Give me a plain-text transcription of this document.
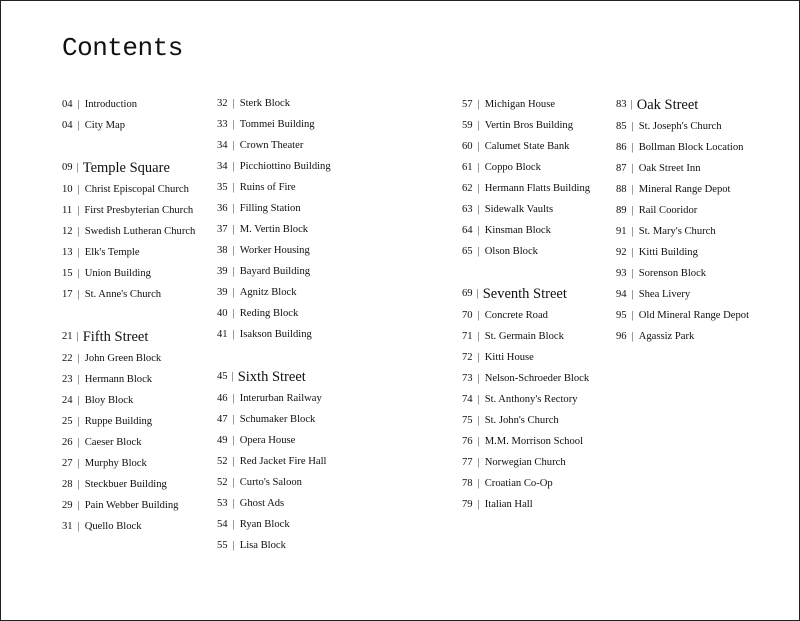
Contents
04 | Introduction
04 | City Map
09 | Temple Square
10 | Christ Episcopal Church
11 | First Presbyterian Church
12 | Swedish Lutheran Church
13 | Elk's Temple
15 | Union Building
17 | St. Anne's Church
21 | Fifth Street
22 | John Green Block
23 | Hermann Block
24 | Bloy Block
25 | Ruppe Building
26 | Caeser Block
27 | Murphy Block
28 | Steckbuer Building
29 | Pain Webber Building
31 | Quello Block
32 | Sterk Block
33 | Tommei Building
34 | Crown Theater
34 | Picchiottino Building
35 | Ruins of Fire
36 | Filling Station
37 | M. Vertin Block
38 | Worker Housing
39 | Bayard Building
39 | Agnitz Block
40 | Reding Block
41 | Isakson Building
45 | Sixth Street
46 | Interurban Railway
47 | Schumaker Block
49 | Opera House
52 | Red Jacket Fire Hall
52 | Curto's Saloon
53 | Ghost Ads
54 | Ryan Block
55 | Lisa Block
57 | Michigan House
59 | Vertin Bros Building
60 | Calumet State Bank
61 | Coppo Block
62 | Hermann Flatts Building
63 | Sidewalk Vaults
64 | Kinsman Block
65 | Olson Block
69 | Seventh Street
70 | Concrete Road
71 | St. Germain Block
72 | Kitti House
73 | Nelson-Schroeder Block
74 | St. Anthony's Rectory
75 | St. John's Church
76 | M.M. Morrison School
77 | Norwegian Church
78 | Croatian Co-Op
79 | Italian Hall
83 | Oak Street
85 | St. Joseph's Church
86 | Bollman Block Location
87 | Oak Street Inn
88 | Mineral Range Depot
89 | Rail Cooridor
91 | St. Mary's Church
92 | Kitti Building
93 | Sorenson Block
94 | Shea Livery
95 | Old Mineral Range Depot
96 | Agassiz Park
